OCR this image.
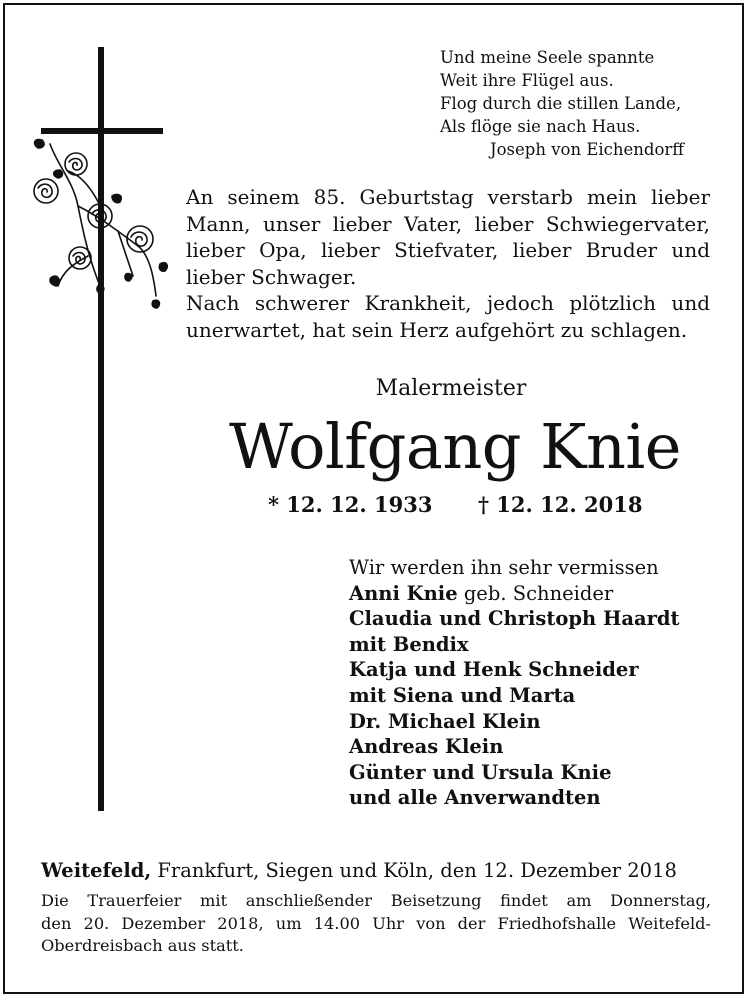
Und meine Seele spannte
Weit ihre Flügel aus.
Flog durch die stillen Lande,
Als flöge sie nach Haus.
Joseph von Eichendorff
An seinem 85. Geburtstag verstarb mein lieber
Mann, unser lieber Vater, lieber Schwiegervater,
lieber Opa, lieber Stiefvater, lieber Bruder und
lieber Schwager.
Nach schwerer Krankheit, jedoch plötzlich und
unerwartet, hat sein Herz aufgehört zu schlagen.
Malermeister
Wolfgang Knie
* 12. 12. 1933 † 12. 12. 2018
Wir werden ihn sehr vermissen
Anni Knie geb. Schneider
Claudia und Christoph Haardt
mit Bendix
Katja und Henk Schneider
mit Siena und Marta
Dr. Michael Klein
Andreas Klein
Günter und Ursula Knie
und alle Anverwandten
Weitefeld, Frankfurt, Siegen und Köln, den 12. Dezember 2018
Die Trauerfeier mit anschließender Beisetzung findet am Donnerstag,
den 20. Dezember 2018, um 14.00 Uhr von der Friedhofshalle Weitefeld-
Oberdreisbach aus statt.
